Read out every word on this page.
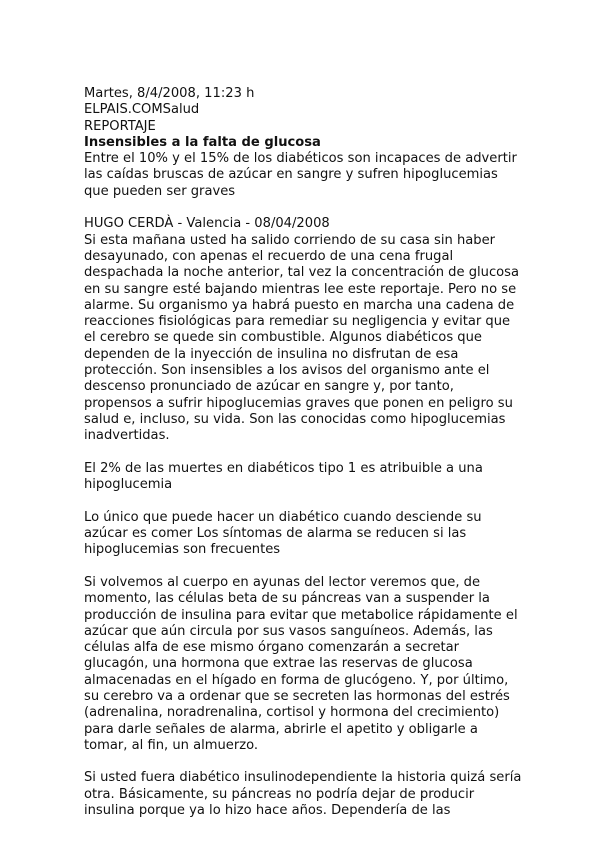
Martes, 8/4/2008, 11:23 h

ELPAIS.COMSalud

REPORTAJE

Insensibles a la falta de glucosa

Entre el 10% y el 15% de los diabéticos son incapaces de advertir las caídas bruscas de azúcar en sangre y sufren hipoglucemias que pueden ser graves

HUGO CERDÀ - Valencia - 08/04/2008

Si esta mañana usted ha salido corriendo de su casa sin haber desayunado, con apenas el recuerdo de una cena frugal despachada la noche anterior, tal vez la concentración de glucosa en su sangre esté bajando mientras lee este reportaje. Pero no se alarme. Su organismo ya habrá puesto en marcha una cadena de reacciones fisiológicas para remediar su negligencia y evitar que el cerebro se quede sin combustible. Algunos diabéticos que dependen de la inyección de insulina no disfrutan de esa protección. Son insensibles a los avisos del organismo ante el descenso pronunciado de azúcar en sangre y, por tanto, propensos a sufrir hipoglucemias graves que ponen en peligro su salud e, incluso, su vida. Son las conocidas como hipoglucemias inadvertidas.

El 2% de las muertes en diabéticos tipo 1 es atribuible a una hipoglucemia

Lo único que puede hacer un diabético cuando desciende su azúcar es comer Los síntomas de alarma se reducen si las hipoglucemias son frecuentes

Si volvemos al cuerpo en ayunas del lector veremos que, de momento, las células beta de su páncreas van a suspender la producción de insulina para evitar que metabolice rápidamente el azúcar que aún circula por sus vasos sanguíneos. Además, las células alfa de ese mismo órgano comenzarán a secretar glucagón, una hormona que extrae las reservas de glucosa almacenadas en el hígado en forma de glucógeno. Y, por último, su cerebro va a ordenar que se secreten las hormonas del estrés (adrenalina, noradrenalina, cortisol y hormona del crecimiento) para darle señales de alarma, abrirle el apetito y obligarle a tomar, al fin, un almuerzo.

Si usted fuera diabético insulinodependiente la historia quizá sería otra. Básicamente, su páncreas no podría dejar de producir insulina porque ya lo hizo hace años. Dependería de las
